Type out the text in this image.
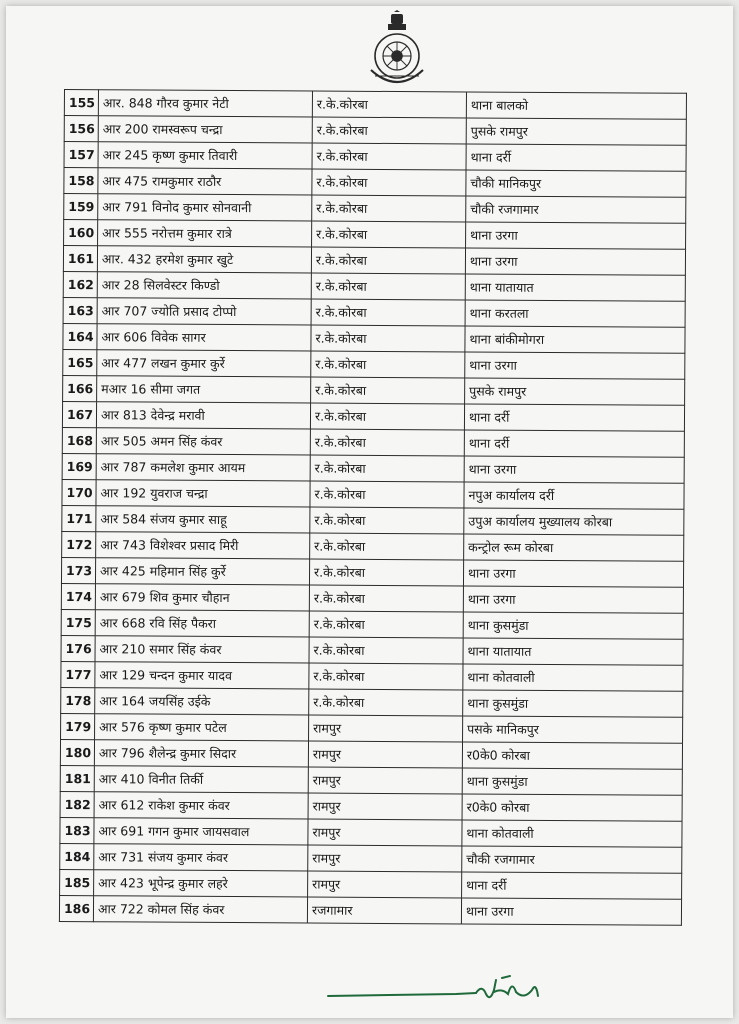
155	आर. 848 गौरव कुमार नेटी	र.के.कोरबा	थाना बालको
156	आर 200 रामस्वरूप चन्द्रा	र.के.कोरबा	पुसके रामपुर
157	आर 245 कृष्ण कुमार तिवारी	र.के.कोरबा	थाना दर्री
158	आर 475 रामकुमार राठौर	र.के.कोरबा	चौकी मानिकपुर
159	आर 791 विनोद कुमार सोनवानी	र.के.कोरबा	चौकी रजगामार
160	आर 555 नरोत्तम कुमार रात्रे	र.के.कोरबा	थाना उरगा
161	आर. 432 हरमेश कुमार खुटे	र.के.कोरबा	थाना उरगा
162	आर 28 सिलवेस्टर किण्डो	र.के.कोरबा	थाना यातायात
163	आर 707 ज्योति प्रसाद टोप्पो	र.के.कोरबा	थाना करतला
164	आर 606 विवेक सागर	र.के.कोरबा	थाना बांकीमोगरा
165	आर 477 लखन कुमार कुर्रे	र.के.कोरबा	थाना उरगा
166	मआर 16 सीमा जगत	र.के.कोरबा	पुसके रामपुर
167	आर 813 देवेन्द्र मरावी	र.के.कोरबा	थाना दर्री
168	आर 505 अमन सिंह कंवर	र.के.कोरबा	थाना दर्री
169	आर 787 कमलेश कुमार आयम	र.के.कोरबा	थाना उरगा
170	आर 192 युवराज चन्द्रा	र.के.कोरबा	नपुअ कार्यालय दर्री
171	आर 584 संजय कुमार साहू	र.के.कोरबा	उपुअ कार्यालय मुख्यालय कोरबा
172	आर 743 विशेश्वर प्रसाद मिरी	र.के.कोरबा	कन्ट्रोल रूम कोरबा
173	आर 425 महिमान सिंह कुर्रे	र.के.कोरबा	थाना उरगा
174	आर 679 शिव कुमार चौहान	र.के.कोरबा	थाना उरगा
175	आर 668 रवि सिंह पैकरा	र.के.कोरबा	थाना कुसमुंडा
176	आर 210 समार सिंह कंवर	र.के.कोरबा	थाना यातायात
177	आर 129 चन्दन कुमार यादव	र.के.कोरबा	थाना कोतवाली
178	आर 164 जयसिंह उईके	र.के.कोरबा	थाना कुसमुंडा
179	आर 576 कृष्ण कुमार पटेल	रामपुर	पसके मानिकपुर
180	आर 796 शैलेन्द्र कुमार सिदार	रामपुर	र0के0 कोरबा
181	आर 410 विनीत तिर्की	रामपुर	थाना कुसमुंडा
182	आर 612 राकेश कुमार कंवर	रामपुर	र0के0 कोरबा
183	आर 691 गगन कुमार जायसवाल	रामपुर	थाना कोतवाली
184	आर 731 संजय कुमार कंवर	रामपुर	चौकी रजगामार
185	आर 423 भूपेन्द्र कुमार लहरे	रामपुर	थाना दर्री
186	आर 722 कोमल सिंह कंवर	रजगामार	थाना उरगा
